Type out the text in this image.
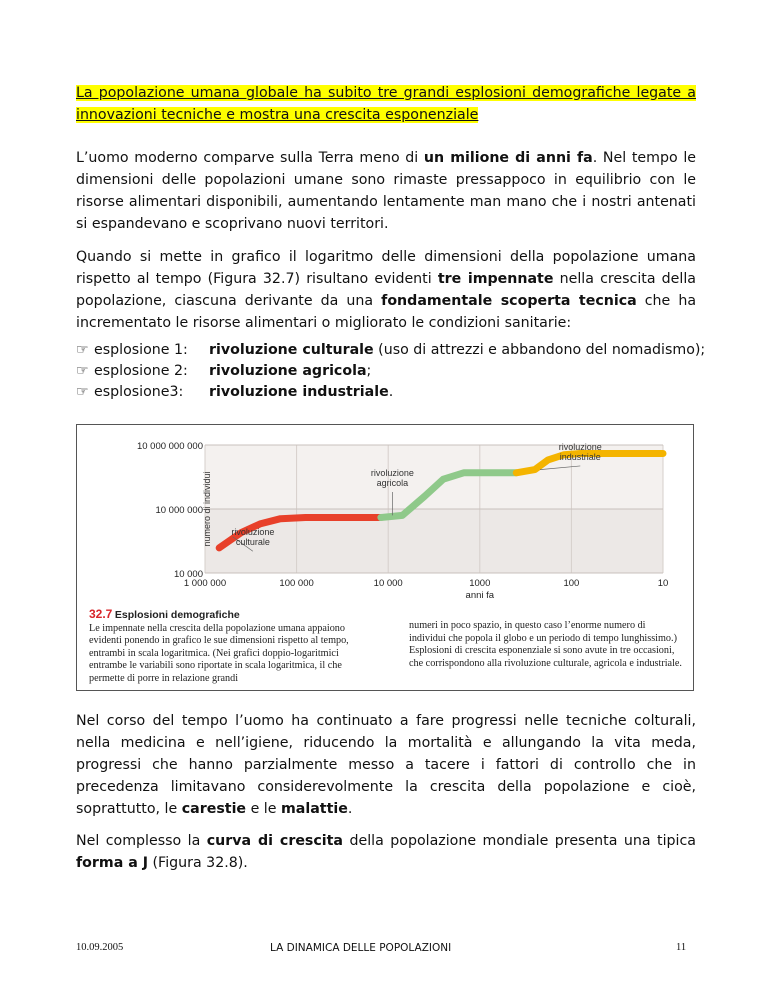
La popolazione umana globale ha subito tre grandi esplosioni demografiche legate a innovazioni tecniche e mostra una crescita esponenziale

L’uomo moderno comparve sulla Terra meno di un milione di anni fa. Nel tempo le dimensioni delle popolazioni umane sono rimaste pressappoco in equilibrio con le risorse alimentari disponibili, aumentando lentamente man mano che i nostri antenati si espandevano e scoprivano nuovi territori.

Quando si mette in grafico il logaritmo delle dimensioni della popolazione umana rispetto al tempo (Figura 32.7) risultano evidenti tre impennate nella crescita della popolazione, ciascuna derivante da una fondamentale scoperta tecnica che ha incrementato le risorse alimentari o migliorato le condizioni sanitarie:

☞ esplosione 1:	rivoluzione culturale (uso di attrezzi e abbandono del nomadismo);
☞ esplosione 2:	rivoluzione agricola;
☞ esplosione3:	rivoluzione industriale.
1 000 000	100 000	10 000	1000	100	10
10 000 000 000
10 000 000
10 000
anni fa
numero di individui	rivoluzione
agricola
rivoluzione
industriale
rivoluzione
culturale
32.7 Esplosioni demografiche
Le impennate nella crescita della popolazione umana appaiono evidenti ponendo in grafico le sue dimensioni rispetto al tempo, entrambi in scala logaritmica. (Nei grafici doppio-logaritmici entrambe le variabili sono riportate in scala logaritmica, il che permette di porre in relazione grandi
numeri in poco spazio, in questo caso l’enorme numero di individui che popola il globo e un periodo di tempo lunghissimo.) Esplosioni di crescita esponenziale si sono avute in tre occasioni, che corrispondono alla rivoluzione culturale, agricola e industriale.

Nel corso del tempo l’uomo ha continuato a fare progressi nelle tecniche colturali, nella medicina e nell’igiene, riducendo la mortalità e allungando la vita meda, progressi che hanno parzialmente messo a tacere i fattori di controllo che in precedenza limitavano considerevolmente la crescita della popolazione e cioè, soprattutto, le carestie e le malattie.

Nel complesso la curva di crescita della popolazione mondiale presenta una tipica forma a J (Figura 32.8).

10.09.2005	LA DINAMICA DELLE POPOLAZIONI	11
